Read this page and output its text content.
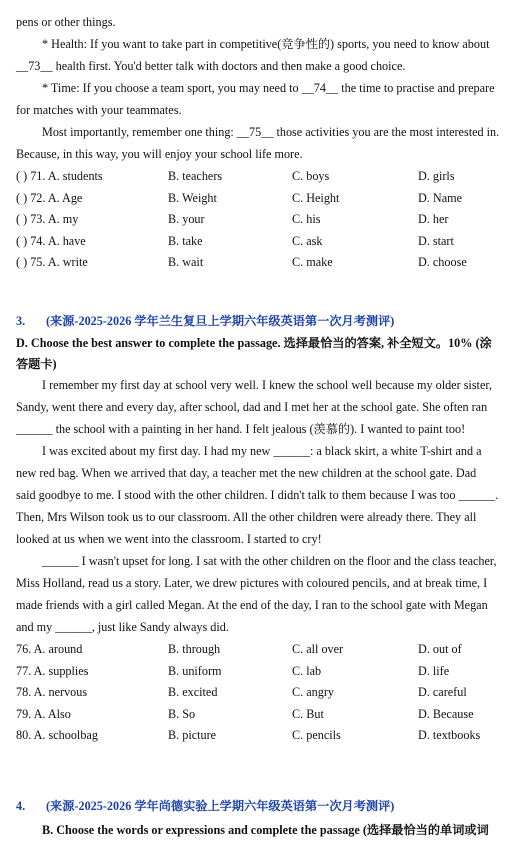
pens or other things.
* Health: If you want to take part in competitive(竞争性的) sports, you need to know about
__73__ health first. You'd better talk with doctors and then make a good choice.
* Time: If you choose a team sport, you may need to __74__ the time to practise and prepare
for matches with your teammates.
Most importantly, remember one thing: __75__ those activities you are the most interested in.
Because, in this way, you will enjoy your school life more.
( ) 71. A. students	B. teachers	C. boys	D. girls
( ) 72. A. Age	B. Weight	C. Height	D. Name
( ) 73. A. my	B. your	C. his	D. her
( ) 74. A. have	B. take	C. ask	D. start
( ) 75. A. write	B. wait	C. make	D. choose
3. (来源-2025-2026 学年兰生复旦上学期六年级英语第一次月考测评)
D. Choose the best answer to complete the passage. 选择最恰当的答案, 补全短文。10% (涂
答题卡)
I remember my first day at school very well. I knew the school well because my older sister,
Sandy, went there and every day, after school, dad and I met her at the school gate. She often ran
______ the school with a painting in her hand. I felt jealous (羡慕的). I wanted to paint too!
I was excited about my first day. I had my new ______: a black skirt, a white T-shirt and a
new red bag. When we arrived that day, a teacher met the new children at the school gate. Dad
said goodbye to me. I stood with the other children. I didn't talk to them because I was too ______.
Then, Mrs Wilson took us to our classroom. All the other children were already there. They all
looked at us when we went into the classroom. I started to cry!
______ I wasn't upset for long. I sat with the other children on the floor and the class teacher,
Miss Holland, read us a story. Later, we drew pictures with coloured pencils, and at break time, I
made friends with a girl called Megan. At the end of the day, I ran to the school gate with Megan
and my ______, just like Sandy always did.
76. A. around	B. through	C. all over	D. out of
77. A. supplies	B. uniform	C. lab	D. life
78. A. nervous	B. excited	C. angry	D. careful
79. A. Also	B. So	C. But	D. Because
80. A. schoolbag	B. picture	C. pencils	D. textbooks
4. (来源-2025-2026 学年尚德实验上学期六年级英语第一次月考测评)
B. Choose the words or expressions and complete the passage (选择最恰当的单词或词
